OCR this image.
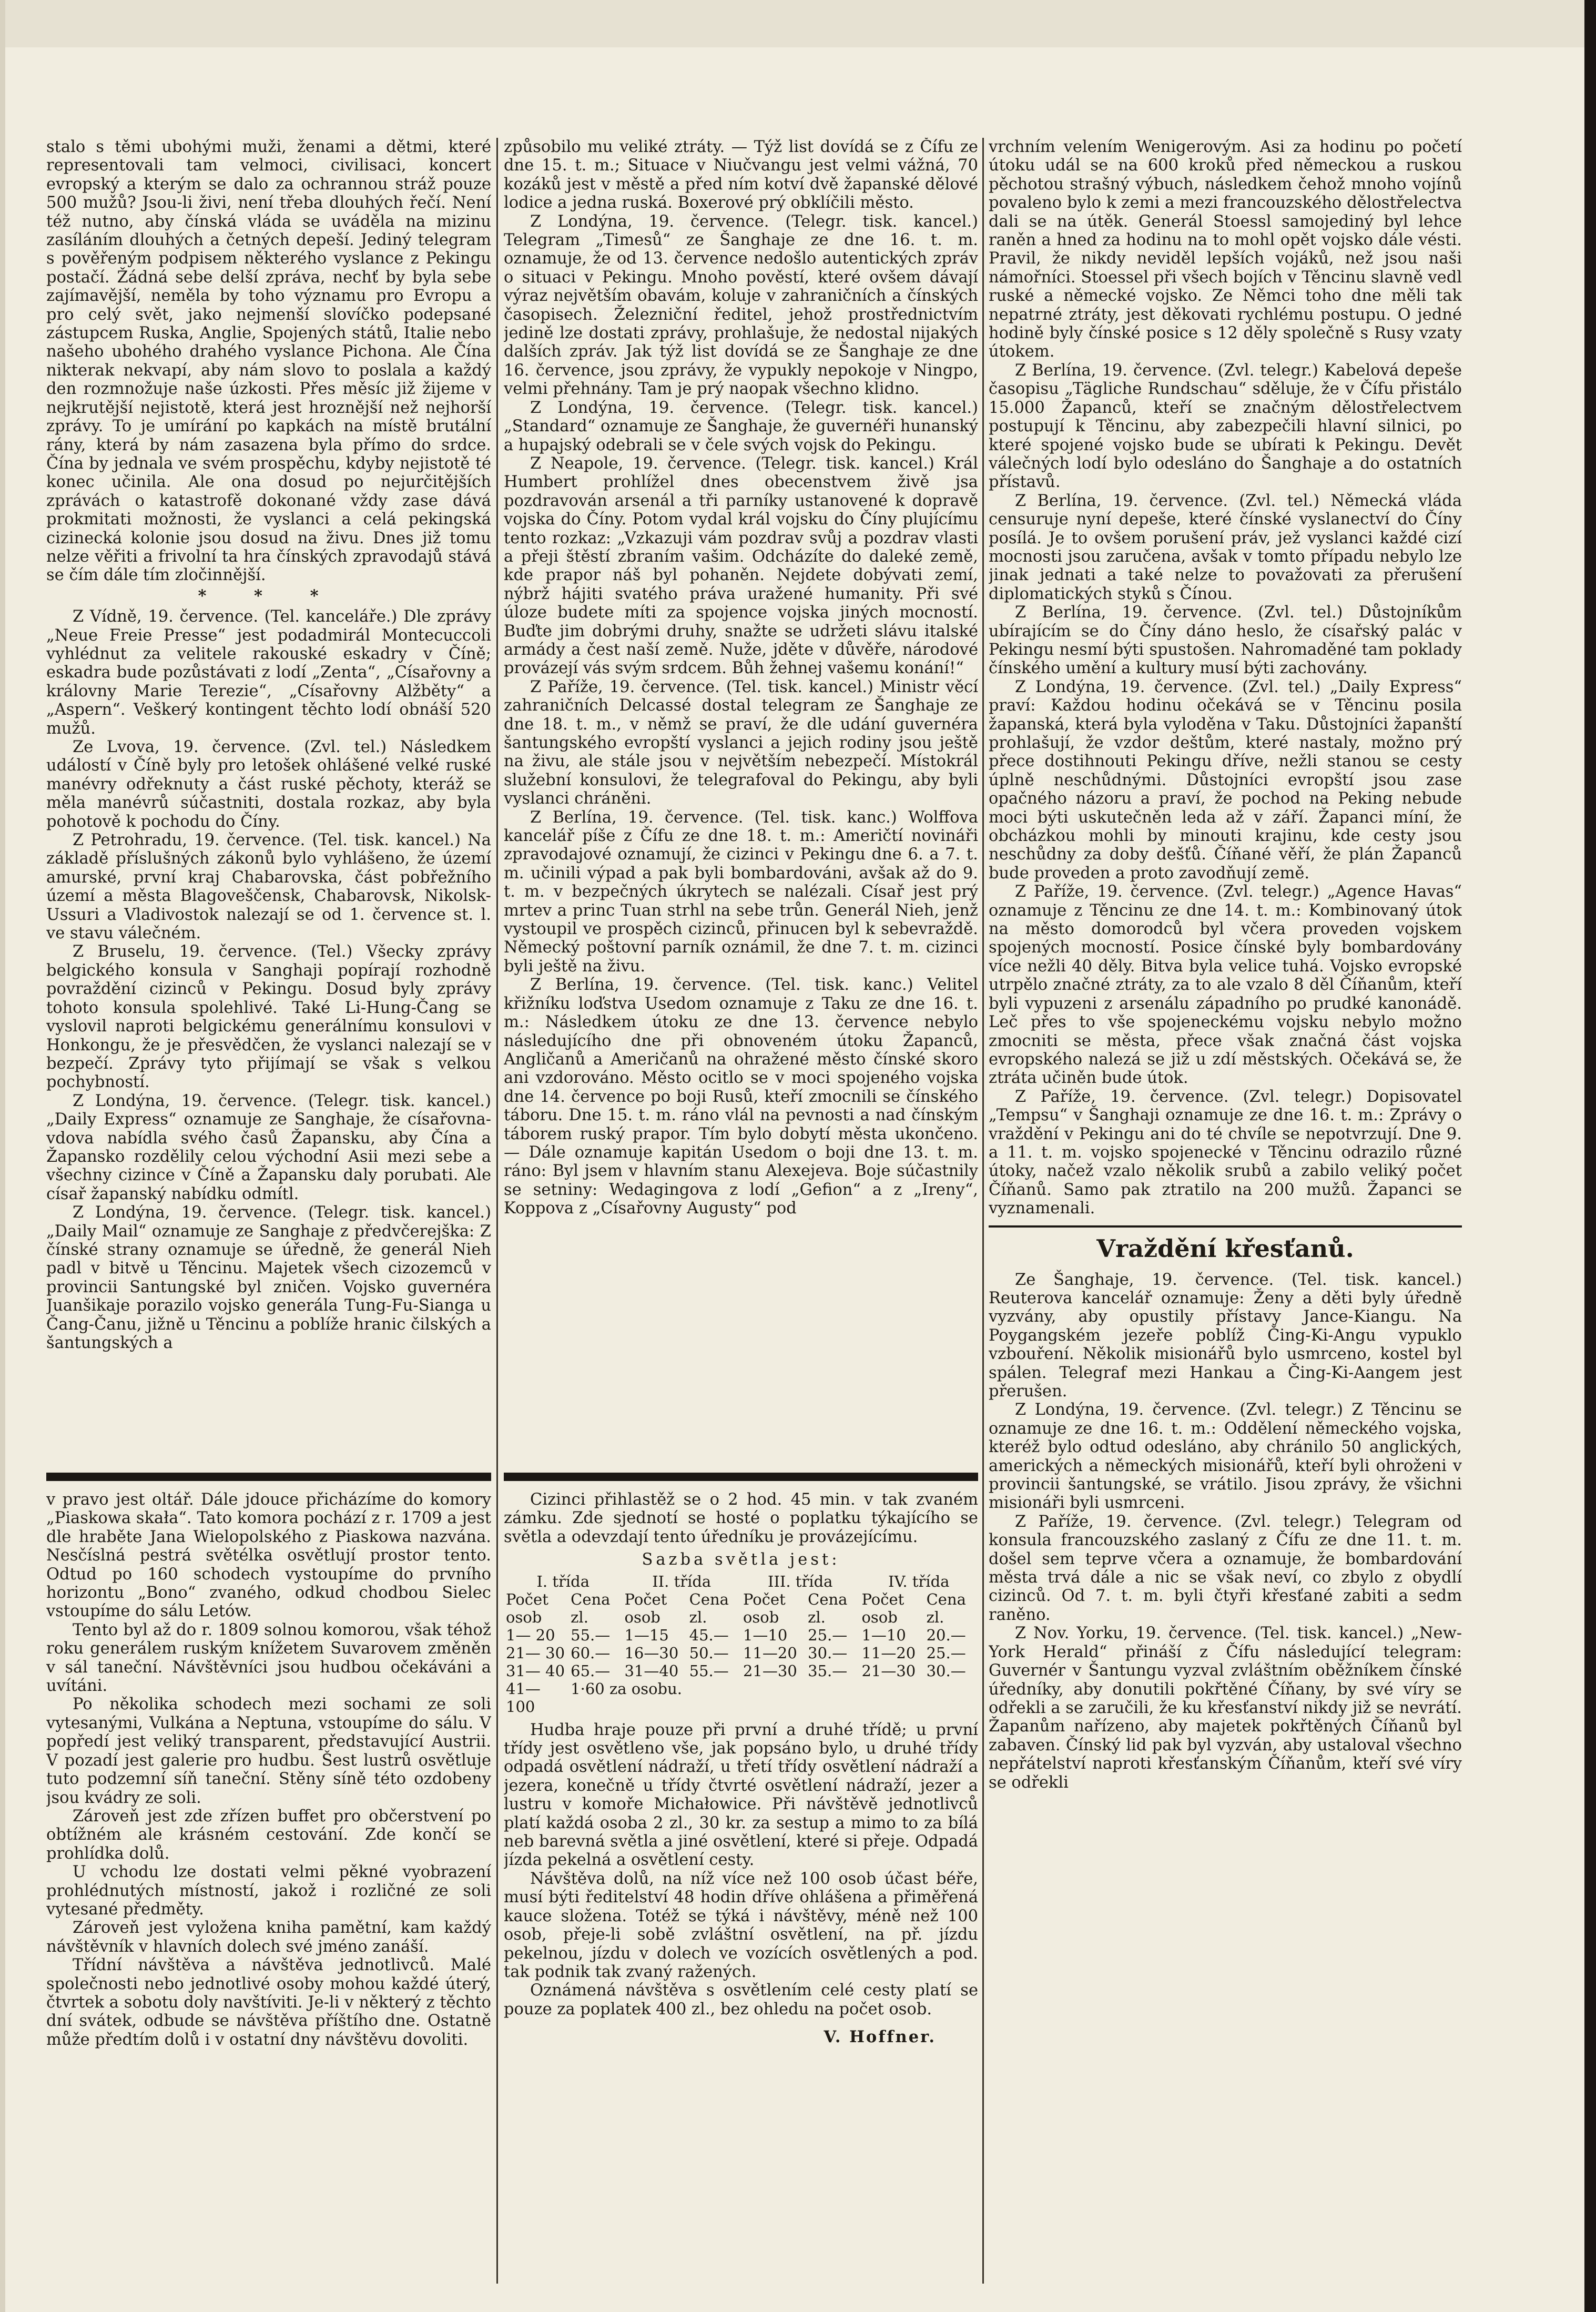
stalo s těmi ubohými muži, ženami a dětmi, které representovali tam velmoci, civilisaci, koncert evropský a kterým se dalo za ochrannou stráž pouze 500 mužů? Jsou-li živi, není třeba dlouhých řečí. Není též nutno, aby čínská vláda se uváděla na mizinu zasíláním dlouhých a četných depeší. Jediný telegram s pověřeným podpisem některého vyslance z Pekingu postačí. Žádná sebe delší zpráva, nechť by byla sebe zajímavější, neměla by toho významu pro Evropu a pro celý svět, jako nejmenší slovíčko podepsané zástupcem Ruska, Anglie, Spojených států, Italie nebo našeho ubohého drahého vyslance Pichona. Ale Čína nikterak nekvapí, aby nám slovo to poslala a každý den rozmnožuje naše úzkosti. Přes měsíc již žijeme v nejkrutější nejistotě, která jest hroznější než nejhorší zprávy. To je umírání po kapkách na místě brutální rány, která by nám zasazena byla přímo do srdce. Čína by jednala ve svém prospěchu, kdyby nejistotě té konec učinila. Ale ona dosud po nejurčitějších zprávách o katastrofě dokonané vždy zase dává prokmitati možnosti, že vyslanci a celá pekingská cizinecká kolonie jsou dosud na živu. Dnes již tomu nelze věřiti a frivolní ta hra čínských zpravodajů stává se čím dále tím zločinnější.

* * *

Z Vídně, 19. července. (Tel. kanceláře.) Dle zprávy „Neue Freie Presse“ jest podadmirál Montecuccoli vyhlédnut za velitele rakouské eskadry v Číně; eskadra bude pozůstávati z lodí „Zenta“, „Císařovny a královny Marie Terezie“, „Císařovny Alžběty“ a „Aspern“. Veškerý kontingent těchto lodí obnáší 520 mužů.

Ze Lvova, 19. července. (Zvl. tel.) Následkem událostí v Číně byly pro letošek ohlášené velké ruské manévry odřeknuty a část ruské pěchoty, kteráž se měla manévrů súčastniti, dostala rozkaz, aby byla pohotově k pochodu do Číny.

Z Petrohradu, 19. července. (Tel. tisk. kancel.) Na základě příslušných zákonů bylo vyhlášeno, že území amurské, první kraj Chabarovska, část pobřežního území a města Blagoveščensk, Chabarovsk, Nikolsk-Ussuri a Vladivostok nalezají se od 1. července st. l. ve stavu válečném.

Z Bruselu, 19. července. (Tel.) Všecky zprávy belgického konsula v Sanghaji popírají rozhodně povraždění cizinců v Pekingu. Dosud byly zprávy tohoto konsula spolehlivé. Také Li-Hung-Čang se vyslovil naproti belgickému generálnímu konsulovi v Honkongu, že je přesvědčen, že vyslanci nalezají se v bezpečí. Zprávy tyto přijímají se však s velkou pochybností.

Z Londýna, 19. července. (Telegr. tisk. kancel.) „Daily Express“ oznamuje ze Sanghaje, že císařovna-vdova nabídla svého časů Žapansku, aby Čína a Žapansko rozdělily celou východní Asii mezi sebe a všechny cizince v Číně a Žapansku daly porubati. Ale císař žapanský nabídku odmítl.

Z Londýna, 19. července. (Telegr. tisk. kancel.) „Daily Mail“ oznamuje ze Sanghaje z předvčerejška: Z čínské strany oznamuje se úředně, že generál Nieh padl v bitvě u Těncinu. Majetek všech cizozemců v provincii Santungské byl zničen. Vojsko guvernéra Juanšikaje porazilo vojsko generála Tung-Fu-Sianga u Čang-Čanu, jižně u Těncinu a poblíže hranic čilských a šantungských a

způsobilo mu veliké ztráty. — Týž list dovídá se z Čífu ze dne 15. t. m.; Situace v Niučvangu jest velmi vážná, 70 kozáků jest v městě a před ním kotví dvě žapanské dělové lodice a jedna ruská. Boxerové prý obklíčili město.

Z Londýna, 19. července. (Telegr. tisk. kancel.) Telegram „Timesů“ ze Šanghaje ze dne 16. t. m. oznamuje, že od 13. července nedošlo autentických zpráv o situaci v Pekingu. Mnoho pověstí, které ovšem dávají výraz největším obavám, koluje v zahraničních a čínských časopisech. Železniční ředitel, jehož prostřednictvím jedině lze dostati zprávy, prohlašuje, že nedostal nijakých dalších zpráv. Jak týž list dovídá se ze Šanghaje ze dne 16. července, jsou zprávy, že vypukly nepokoje v Ningpo, velmi přehnány. Tam je prý naopak všechno klidno.

Z Londýna, 19. července. (Telegr. tisk. kancel.) „Standard“ oznamuje ze Šanghaje, že guvernéři hunanský a hupajský odebrali se v čele svých vojsk do Pekingu.

Z Neapole, 19. července. (Telegr. tisk. kancel.) Král Humbert prohlížel dnes obecenstvem živě jsa pozdravován arsenál a tři parníky ustanovené k dopravě vojska do Číny. Potom vydal král vojsku do Číny plujícímu tento rozkaz: „Vzkazuji vám pozdrav svůj a pozdrav vlasti a přeji štěstí zbraním vašim. Odcházíte do daleké země, kde prapor náš byl pohaněn. Nejdete dobývati zemí, nýbrž hájiti svatého práva uražené humanity. Při své úloze budete míti za spojence vojska jiných mocností. Buďte jim dobrými druhy, snažte se udržeti slávu italské armády a čest naší země. Nuže, jděte v důvěře, národové provázejí vás svým srdcem. Bůh žehnej vašemu konání!“

Z Paříže, 19. července. (Tel. tisk. kancel.) Ministr věcí zahraničních Delcassé dostal telegram ze Šanghaje ze dne 18. t. m., v němž se praví, že dle udání guvernéra šantungského evropští vyslanci a jejich rodiny jsou ještě na živu, ale stále jsou v největším nebezpečí. Místokrál služební konsulovi, že telegrafoval do Pekingu, aby byli vyslanci chráněni.

Z Berlína, 19. července. (Tel. tisk. kanc.) Wolffova kancelář píše z Čífu ze dne 18. t. m.: Američtí novináři zpravodajové oznamují, že cizinci v Pekingu dne 6. a 7. t. m. učinili výpad a pak byli bombardováni, avšak až do 9. t. m. v bezpečných úkrytech se nalézali. Císař jest prý mrtev a princ Tuan strhl na sebe trůn. Generál Nieh, jenž vystoupil ve prospěch cizinců, přinucen byl k sebevraždě. Německý poštovní parník oznámil, že dne 7. t. m. cizinci byli ještě na živu.

Z Berlína, 19. července. (Tel. tisk. kanc.) Velitel křižníku loďstva Usedom oznamuje z Taku ze dne 16. t. m.: Následkem útoku ze dne 13. července nebylo následujícího dne při obnoveném útoku Žapanců, Angličanů a Američanů na ohražené město čínské skoro ani vzdorováno. Město ocitlo se v moci spojeného vojska dne 14. července po boji Rusů, kteří zmocnili se čínského táboru. Dne 15. t. m. ráno vlál na pevnosti a nad čínským táborem ruský prapor. Tím bylo dobytí města ukončeno. — Dále oznamuje kapitán Usedom o boji dne 13. t. m. ráno: Byl jsem v hlavním stanu Alexejeva. Boje súčastnily se setniny: Wedagingova z lodí „Gefion“ a z „Ireny“, Koppova z „Císařovny Augusty“ pod

vrchním velením Wenigerovým. Asi za hodinu po početí útoku udál se na 600 kroků před německou a ruskou pěchotou strašný výbuch, následkem čehož mnoho vojínů povaleno bylo k zemi a mezi francouzského dělostřelectva dali se na útěk. Generál Stoessl samojediný byl lehce raněn a hned za hodinu na to mohl opět vojsko dále vésti. Pravil, že nikdy neviděl lepších vojáků, než jsou naši námořníci. Stoessel při všech bojích v Těncinu slavně vedl ruské a německé vojsko. Ze Němci toho dne měli tak nepatrné ztráty, jest děkovati rychlému postupu. O jedné hodině byly čínské posice s 12 děly společně s Rusy vzaty útokem.

Z Berlína, 19. července. (Zvl. telegr.) Kabelová depeše časopisu „Tägliche Rundschau“ sděluje, že v Čífu přistálo 15.000 Žapanců, kteří se značným dělostřelectvem postupují k Těncinu, aby zabezpečili hlavní silnici, po které spojené vojsko bude se ubírati k Pekingu. Devět válečných lodí bylo odesláno do Šanghaje a do ostatních přístavů.

Z Berlína, 19. července. (Zvl. tel.) Německá vláda censuruje nyní depeše, které čínské vyslanectví do Číny posílá. Je to ovšem porušení práv, jež vyslanci každé cizí mocnosti jsou zaručena, avšak v tomto případu nebylo lze jinak jednati a také nelze to považovati za přerušení diplomatických styků s Čínou.

Z Berlína, 19. července. (Zvl. tel.) Důstojníkům ubírajícím se do Číny dáno heslo, že císařský palác v Pekingu nesmí býti spustošen. Nahromaděné tam poklady čínského umění a kultury musí býti zachovány.

Z Londýna, 19. července. (Zvl. tel.) „Daily Express“ praví: Každou hodinu očekává se v Těncinu posila žapanská, která byla vyloděna v Taku. Důstojníci žapanští prohlašují, že vzdor deštům, které nastaly, možno prý přece dostihnouti Pekingu dříve, nežli stanou se cesty úplně neschůdnými. Důstojníci evropští jsou zase opačného názoru a praví, že pochod na Peking nebude moci býti uskutečněn leda až v září. Žapanci míní, že obcházkou mohli by minouti krajinu, kde cesty jsou neschůdny za doby dešťů. Číňané věří, že plán Žapanců bude proveden a proto zavodňují země.

Z Paříže, 19. července. (Zvl. telegr.) „Agence Havas“ oznamuje z Těncinu ze dne 14. t. m.: Kombinovaný útok na město domorodců byl včera proveden vojskem spojených mocností. Posice čínské byly bombardovány více nežli 40 děly. Bitva byla velice tuhá. Vojsko evropské utrpělo značné ztráty, za to ale vzalo 8 děl Číňanům, kteří byli vypuzeni z arsenálu západního po prudké kanonádě. Leč přes to vše spojeneckému vojsku nebylo možno zmocniti se města, přece však značná část vojska evropského nalezá se již u zdí městských. Očekává se, že ztráta učiněn bude útok.

Z Paříže, 19. července. (Zvl. telegr.) Dopisovatel „Tempsu“ v Šanghaji oznamuje ze dne 16. t. m.: Zprávy o vraždění v Pekingu ani do té chvíle se nepotvrzují. Dne 9. a 11. t. m. vojsko spojenecké v Těncinu odrazilo různé útoky, načež vzalo několik srubů a zabilo veliký počet Číňanů. Samo pak ztratilo na 200 mužů. Žapanci se vyznamenali.

Vraždění křesťanů.

Ze Šanghaje, 19. července. (Tel. tisk. kancel.) Reuterova kancelář oznamuje: Ženy a děti byly úředně vyzvány, aby opustily přístavy Jance-Kiangu. Na Poygangském jezeře poblíž Čing-Ki-Angu vypuklo vzbouření. Několik misionářů bylo usmrceno, kostel byl spálen. Telegraf mezi Hankau a Čing-Ki-Aangem jest přerušen.

Z Londýna, 19. července. (Zvl. telegr.) Z Těncinu se oznamuje ze dne 16. t. m.: Oddělení německého vojska, kteréž bylo odtud odesláno, aby chránilo 50 anglických, amerických a německých misionářů, kteří byli ohroženi v provincii šantungské, se vrátilo. Jisou zprávy, že všichni misionáři byli usmrceni.

Z Paříže, 19. července. (Zvl. telegr.) Telegram od konsula francouzského zaslaný z Čífu ze dne 11. t. m. došel sem teprve včera a oznamuje, že bombardování města trvá dále a nic se však neví, co zbylo z obydlí cizinců. Od 7. t. m. byli čtyři křesťané zabiti a sedm raněno.

Z Nov. Yorku, 19. července. (Tel. tisk. kancel.) „New-York Herald“ přináší z Čífu následující telegram: Guvernér v Šantungu vyzval zvláštním oběžníkem čínské úředníky, aby donutili pokřtěné Číňany, by své víry se odřekli a se zaručili, že ku křesťanství nikdy již se nevrátí. Žapanům nařízeno, aby majetek pokřtěných Číňanů byl zabaven. Čínský lid pak byl vyzván, aby ustaloval všechno nepřátelství naproti křesťanským Číňanům, kteří své víry se odřekli

v pravo jest oltář. Dále jdouce přicházíme do komory „Piaskowa skała“. Tato komora pochází z r. 1709 a jest dle hraběte Jana Wielopolského z Piaskowa nazvána. Nesčíslná pestrá světélka osvětlují prostor tento. Odtud po 160 schodech vystoupíme do prvního horizontu „Bono“ zvaného, odkud chodbou Sielec vstoupíme do sálu Letów.

Tento byl až do r. 1809 solnou komorou, však téhož roku generálem ruským knížetem Suvarovem změněn v sál taneční. Návštěvníci jsou hudbou očekáváni a uvítáni.

Po několika schodech mezi sochami ze soli vytesanými, Vulkána a Neptuna, vstoupíme do sálu. V popředí jest veliký transparent, představující Austrii. V pozadí jest galerie pro hudbu. Šest lustrů osvětluje tuto podzemní síň taneční. Stěny síně této ozdobeny jsou kvádry ze soli.

Zároveň jest zde zřízen buffet pro občerstvení po obtížném ale krásném cestování. Zde končí se prohlídka dolů.

U vchodu lze dostati velmi pěkné vyobrazení prohlédnutých místností, jakož i rozličné ze soli vytesané předměty.

Zároveň jest vyložena kniha pamětní, kam každý návštěvník v hlavních dolech své jméno zanáší.

Třídní návštěva a návštěva jednotlivců. Malé společnosti nebo jednotlivé osoby mohou každé úterý, čtvrtek a sobotu doly navštíviti. Je-li v některý z těchto dní svátek, odbude se návštěva příštího dne. Ostatně může předtím dolů i v ostatní dny návštěvu dovoliti.

Cizinci přihlastěž se o 2 hod. 45 min. v tak zvaném zámku. Zde sjednotí se hosté o poplatku týkajícího se světla a odevzdají tento úředníku je provázejícímu.

Sazba světla jest:
I. třída		II. třída		III. třída		IV. třída	
Počet osob	Cena zl.	Počet osob	Cena zl.	Počet osob	Cena zl.	Počet osob	Cena zl.
1— 20	55.—	1—15	45.—	1—10	25.—	1—10	20.—
21— 30	60.—	16—30	50.—	11—20	30.—	11—20	25.—
31— 40	65.—	31—40	55.—	21—30	35.—	21—30	30.—
41—100	1·60 za osobu.						

Hudba hraje pouze při první a druhé třídě; u první třídy jest osvětleno vše, jak popsáno bylo, u druhé třídy odpadá osvětlení nádraží, u třetí třídy osvětlení nádraží a jezera, konečně u třídy čtvrté osvětlení nádraží, jezer a lustru v komoře Michałowice. Při návštěvě jednotlivců platí každá osoba 2 zl., 30 kr. za sestup a mimo to za bílá neb barevná světla a jiné osvětlení, které si přeje. Odpadá jízda pekelná a osvětlení cesty.

Návštěva dolů, na níž více než 100 osob účast béře, musí býti ředitelství 48 hodin dříve ohlášena a přiměřená kauce složena. Totéž se týká i návštěvy, méně než 100 osob, přeje-li sobě zvláštní osvětlení, na př. jízdu pekelnou, jízdu v dolech ve vozících osvětlených a pod. tak podnik tak zvaný ražených.

Oznámená návštěva s osvětlením celé cesty platí se pouze za poplatek 400 zl., bez ohledu na počet osob.

V. Hoffner.
